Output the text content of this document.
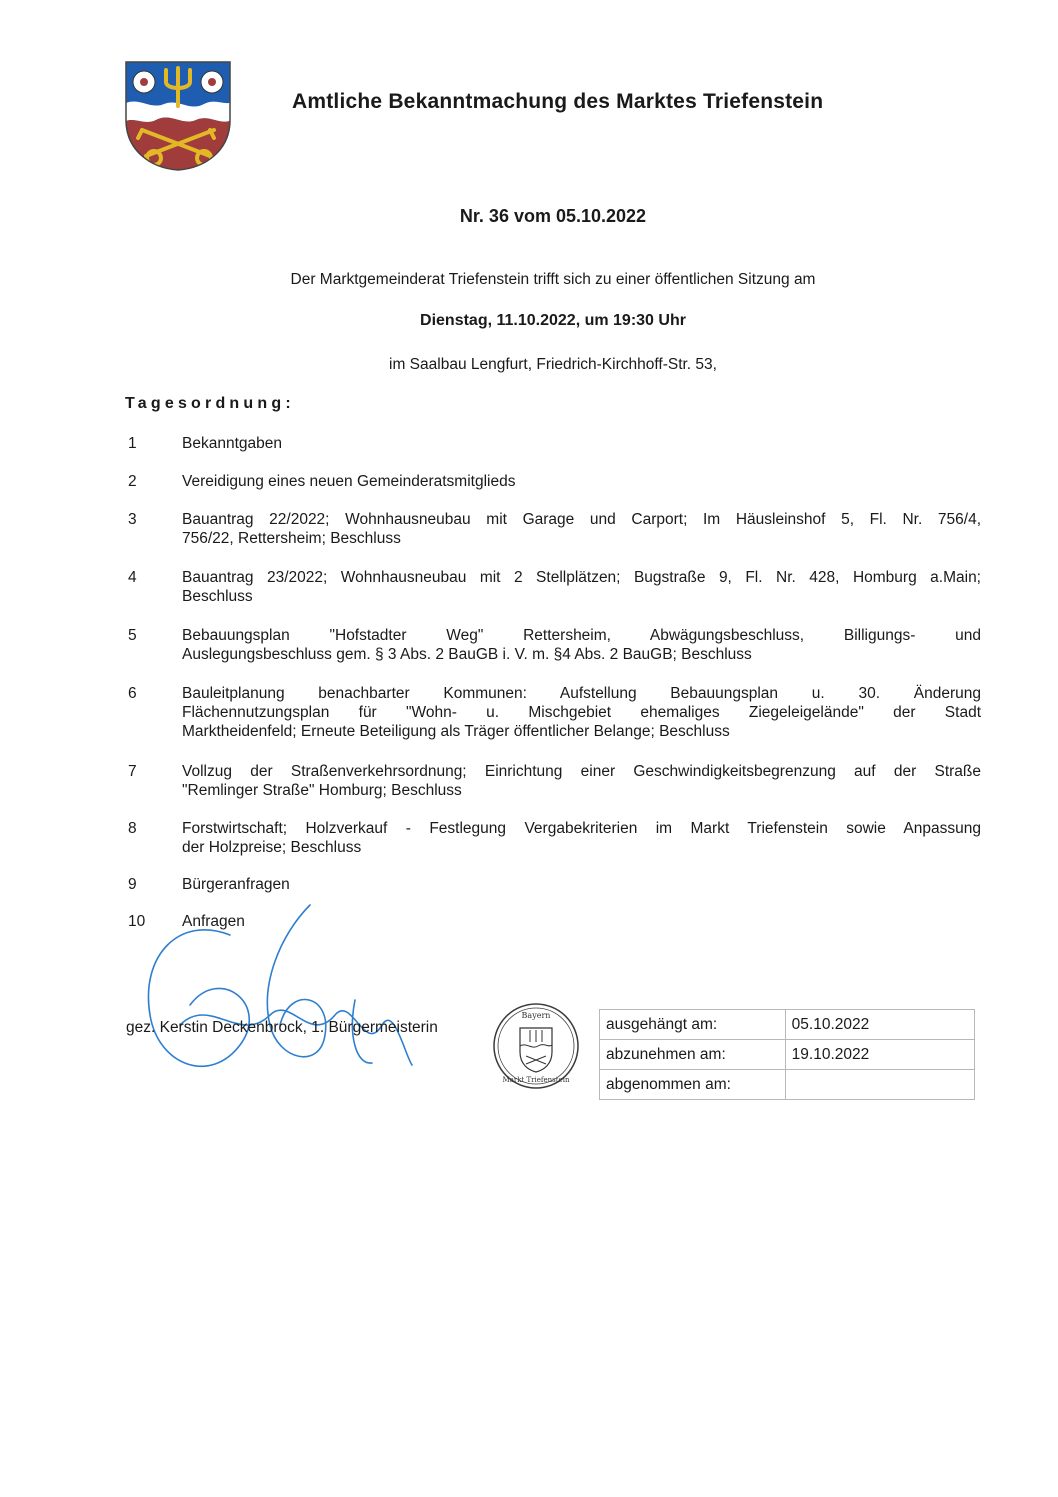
Amtliche Bekanntmachung des Marktes Triefenstein
Nr. 36 vom 05.10.2022
Der Marktgemeinderat Triefenstein trifft sich zu einer öffentlichen Sitzung am
Dienstag, 11.10.2022, um 19:30 Uhr
im Saalbau Lengfurt, Friedrich-Kirchhoff-Str. 53,
Tagesordnung:
1	Bekanntgaben
2	Vereidigung eines neuen Gemeinderatsmitglieds
3	Bauantrag 22/2022; Wohnhausneubau mit Garage und Carport; Im Häusleinshof 5, Fl. Nr. 756/4,
756/22, Rettersheim; Beschluss
4	Bauantrag 23/2022; Wohnhausneubau mit 2 Stellplätzen; Bugstraße 9, Fl. Nr. 428, Homburg a.Main;
Beschluss
5	Bebauungsplan "Hofstadter Weg" Rettersheim, Abwägungsbeschluss, Billigungs- und
Auslegungsbeschluss gem. § 3 Abs. 2 BauGB i. V. m. §4 Abs. 2 BauGB; Beschluss
6	Bauleitplanung benachbarter Kommunen: Aufstellung Bebauungsplan u. 30. Änderung
Flächennutzungsplan für "Wohn- u. Mischgebiet ehemaliges Ziegeleigelände" der Stadt
Marktheidenfeld; Erneute Beteiligung als Träger öffentlicher Belange; Beschluss
7	Vollzug der Straßenverkehrsordnung; Einrichtung einer Geschwindigkeitsbegrenzung auf der Straße
"Remlinger Straße" Homburg; Beschluss
8	Forstwirtschaft; Holzverkauf - Festlegung Vergabekriterien im Markt Triefenstein sowie Anpassung
der Holzpreise; Beschluss
9	Bürgeranfragen
10	Anfragen
gez. Kerstin Deckenbrock, 1. Bürgermeisterin
Bayern
Markt Triefenstein
ausgehängt am:	05.10.2022
abzunehmen am:	19.10.2022
abgenommen am:	
